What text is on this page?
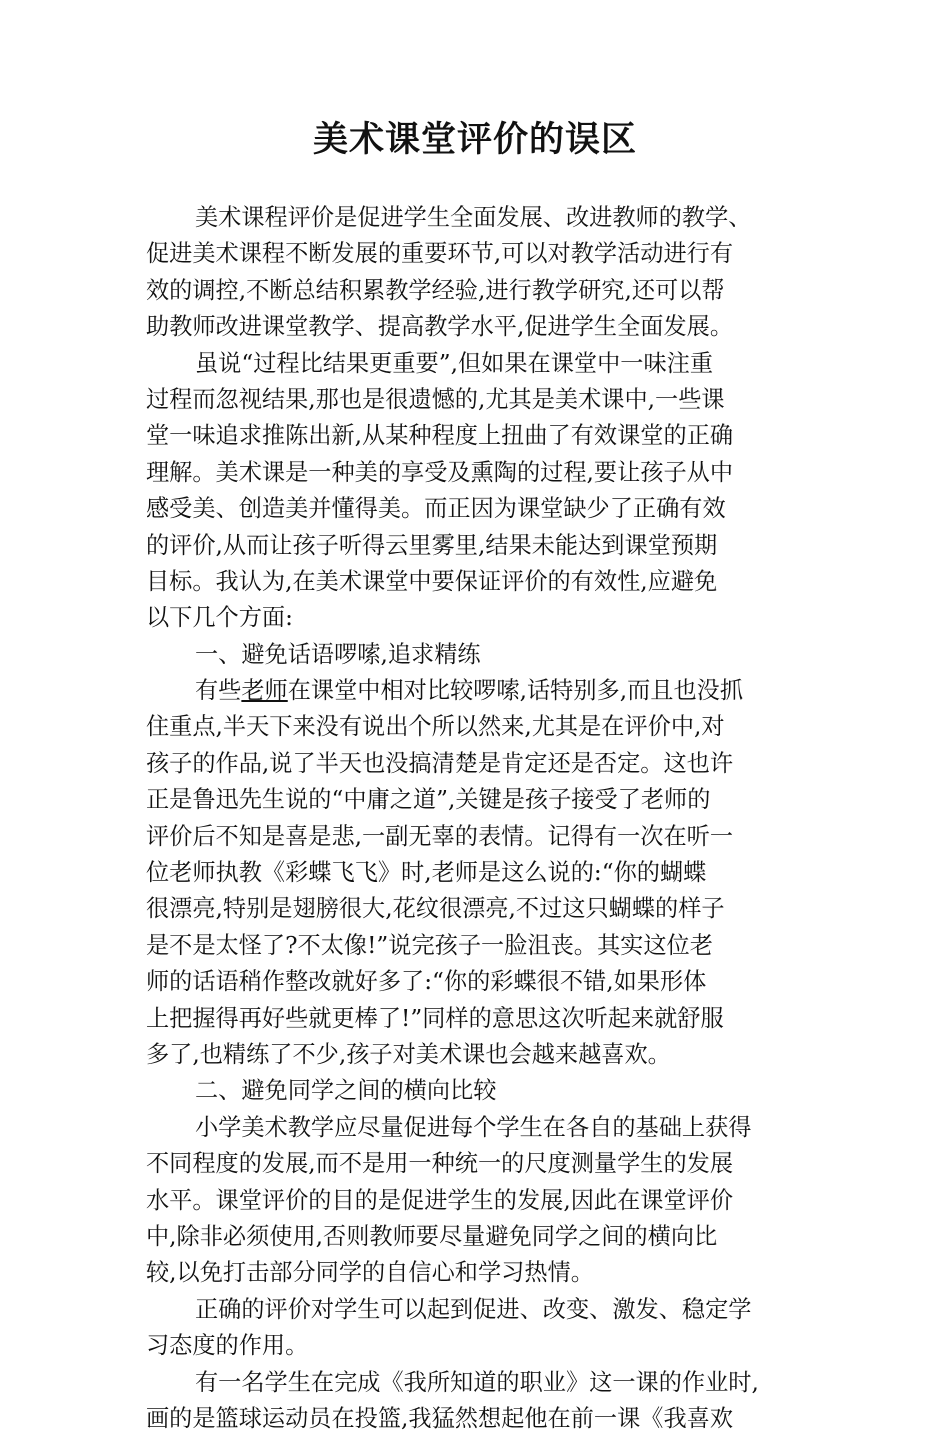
美术课堂评价的误区
美术课程评价是促进学生全面发展、改进教师的教学、
促进美术课程不断发展的重要环节,可以对教学活动进行有
效的调控,不断总结积累教学经验,进行教学研究,还可以帮
助教师改进课堂教学、提高教学水平,促进学生全面发展。
虽说“过程比结果更重要”,但如果在课堂中一味注重
过程而忽视结果,那也是很遗憾的,尤其是美术课中,一些课
堂一味追求推陈出新,从某种程度上扭曲了有效课堂的正确
理解。美术课是一种美的享受及熏陶的过程,要让孩子从中
感受美、创造美并懂得美。而正因为课堂缺少了正确有效
的评价,从而让孩子听得云里雾里,结果未能达到课堂预期
目标。我认为,在美术课堂中要保证评价的有效性,应避免
以下几个方面:
一、避免话语啰嗦,追求精练
有些老师在课堂中相对比较啰嗦,话特别多,而且也没抓
住重点,半天下来没有说出个所以然来,尤其是在评价中,对
孩子的作品,说了半天也没搞清楚是肯定还是否定。这也许
正是鲁迅先生说的“中庸之道”,关键是孩子接受了老师的
评价后不知是喜是悲,一副无辜的表情。记得有一次在听一
位老师执教《彩蝶飞飞》时,老师是这么说的:“你的蝴蝶
很漂亮,特别是翅膀很大,花纹很漂亮,不过这只蝴蝶的样子
是不是太怪了?不太像!”说完孩子一脸沮丧。其实这位老
师的话语稍作整改就好多了:“你的彩蝶很不错,如果形体
上把握得再好些就更棒了!”同样的意思这次听起来就舒服
多了,也精练了不少,孩子对美术课也会越来越喜欢。
二、避免同学之间的横向比较
小学美术教学应尽量促进每个学生在各自的基础上获得
不同程度的发展,而不是用一种统一的尺度测量学生的发展
水平。课堂评价的目的是促进学生的发展,因此在课堂评价
中,除非必须使用,否则教师要尽量避免同学之间的横向比
较,以免打击部分同学的自信心和学习热情。
正确的评价对学生可以起到促进、改变、激发、稳定学
习态度的作用。
有一名学生在完成《我所知道的职业》这一课的作业时,
画的是篮球运动员在投篮,我猛然想起他在前一课《我喜欢
